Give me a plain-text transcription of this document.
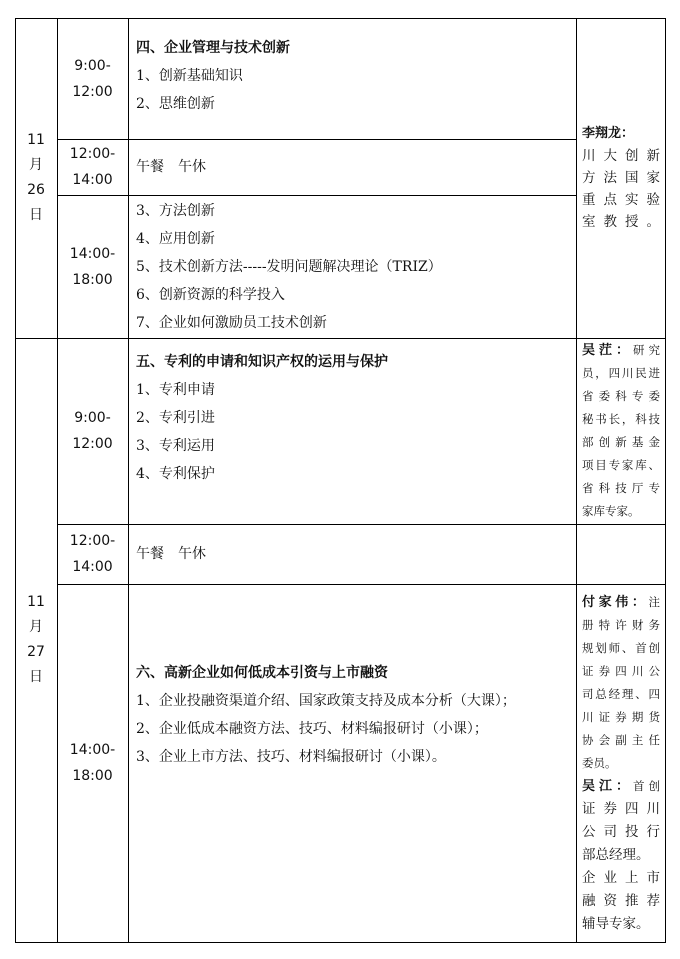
11
月
26
日
9:00-
12:00
四、企业管理与技术创新
1、创新基础知识
2、思维创新
12:00-
14:00
午餐　午休
14:00-
18:00
3、方法创新
4、应用创新
5、技术创新方法-----发明问题解决理论（TRIZ）
6、创新资源的科学投入
7、企业如何激励员工技术创新

李翔龙：

川大创新

方法国家

重点实验

室教授。

11
月
27
日
9:00-
12:00
五、专利的申请和知识产权的运用与保护
1、专利申请
2、专利引进
3、专利运用
4、专利保护

吴茳：研究

员，四川民进

省委科专委

秘书长，科技

部创新基金

项目专家库、

省科技厅专

家库专家。

12:00-
14:00
午餐　午休
14:00-
18:00
六、高新企业如何低成本引资与上市融资
1、企业投融资渠道介绍、国家政策支持及成本分析（大课）；
2、企业低成本融资方法、技巧、材料编报研讨（小课）；
3、企业上市方法、技巧、材料编报研讨（小课）。

付家伟：注

册特许财务

规划师、首创

证券四川公

司总经理、四

川证券期货

协会副主任

委员。

吴江：首创

证券四川

公司投行

部总经理。

企业上市

融资推荐

辅导专家。
